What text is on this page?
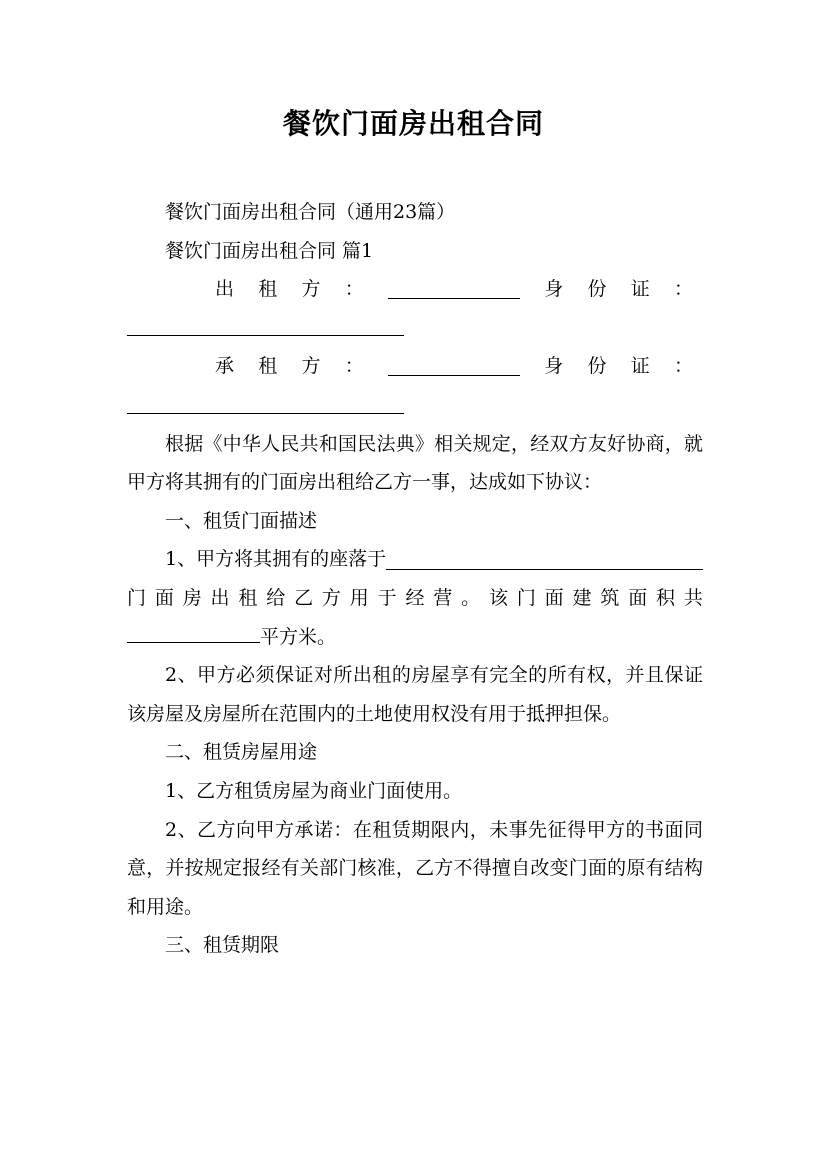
餐饮门面房出租合同

餐饮门面房出租合同（通用23篇）

餐饮门面房出租合同 篇1

出 租 方 ：	身 份 证 ：
承 租 方 ：	身 份 证 ：

根据《中华人民共和国民法典》相关规定，经双方友好协商，就甲方将其拥有的门面房出租给乙方一事，达成如下协议：

一、租赁门面描述

1、甲方将其拥有的座落于
门 面 房 出 租 给 乙 方 用 于 经 营 。 该 门 面 建 筑 面 积 共
平方米。

2、甲方必须保证对所出租的房屋享有完全的所有权，并且保证该房屋及房屋所在范围内的土地使用权没有用于抵押担保。

二、租赁房屋用途

1、乙方租赁房屋为商业门面使用。

2、乙方向甲方承诺：在租赁期限内，未事先征得甲方的书面同意，并按规定报经有关部门核准，乙方不得擅自改变门面的原有结构和用途。

三、租赁期限
